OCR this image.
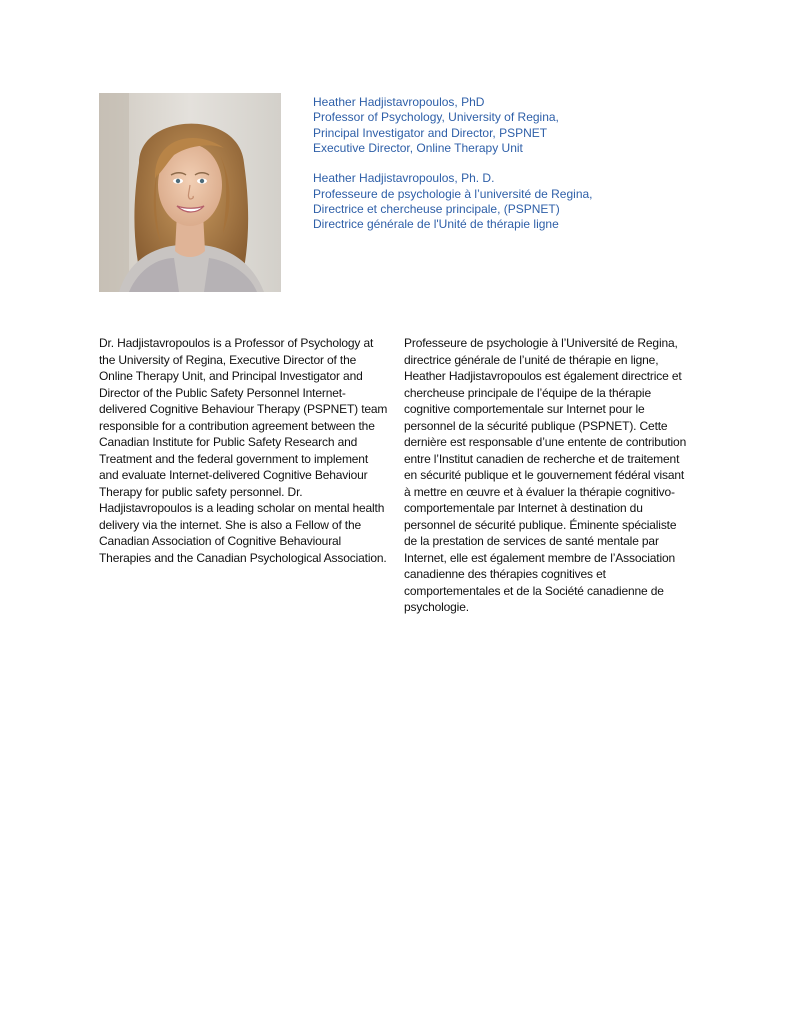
Heather Hadjistavropoulos, PhD

Professor of Psychology, University of Regina,

Principal Investigator and Director, PSPNET

Executive Director, Online Therapy Unit

Heather Hadjistavropoulos, Ph. D.

Professeure de psychologie à l’université de Regina,

Directrice et chercheuse principale, (PSPNET)

Directrice générale de l'Unité de thérapie ligne

Dr. Hadjistavropoulos is a Professor of Psychology at the University of Regina, Executive Director of the Online Therapy Unit, and Principal Investigator and Director of the Public Safety Personnel Internet-delivered Cognitive Behaviour Therapy (PSPNET) team responsible for a contribution agreement between the Canadian Institute for Public Safety Research and Treatment and the federal government to implement and evaluate Internet-delivered Cognitive Behaviour Therapy for public safety personnel. Dr. Hadjistavropoulos is a leading scholar on mental health delivery via the internet. She is also a Fellow of the Canadian Association of Cognitive Behavioural Therapies and the Canadian Psychological Association.

Professeure de psychologie à l’Université de Regina, directrice générale de l’unité de thérapie en ligne, Heather Hadjistavropoulos est également directrice et chercheuse principale de l’équipe de la thérapie cognitive comportementale sur Internet pour le personnel de la sécurité publique (PSPNET). Cette dernière est responsable d’une entente de contribution entre l’Institut canadien de recherche et de traitement en sécurité publique et le gouvernement fédéral visant à mettre en œuvre et à évaluer la thérapie cognitivo-comportementale par Internet à destination du personnel de sécurité publique. Éminente spécialiste de la prestation de services de santé mentale par Internet, elle est également membre de l’Association canadienne des thérapies cognitives et comportementales et de la Société canadienne de psychologie.
